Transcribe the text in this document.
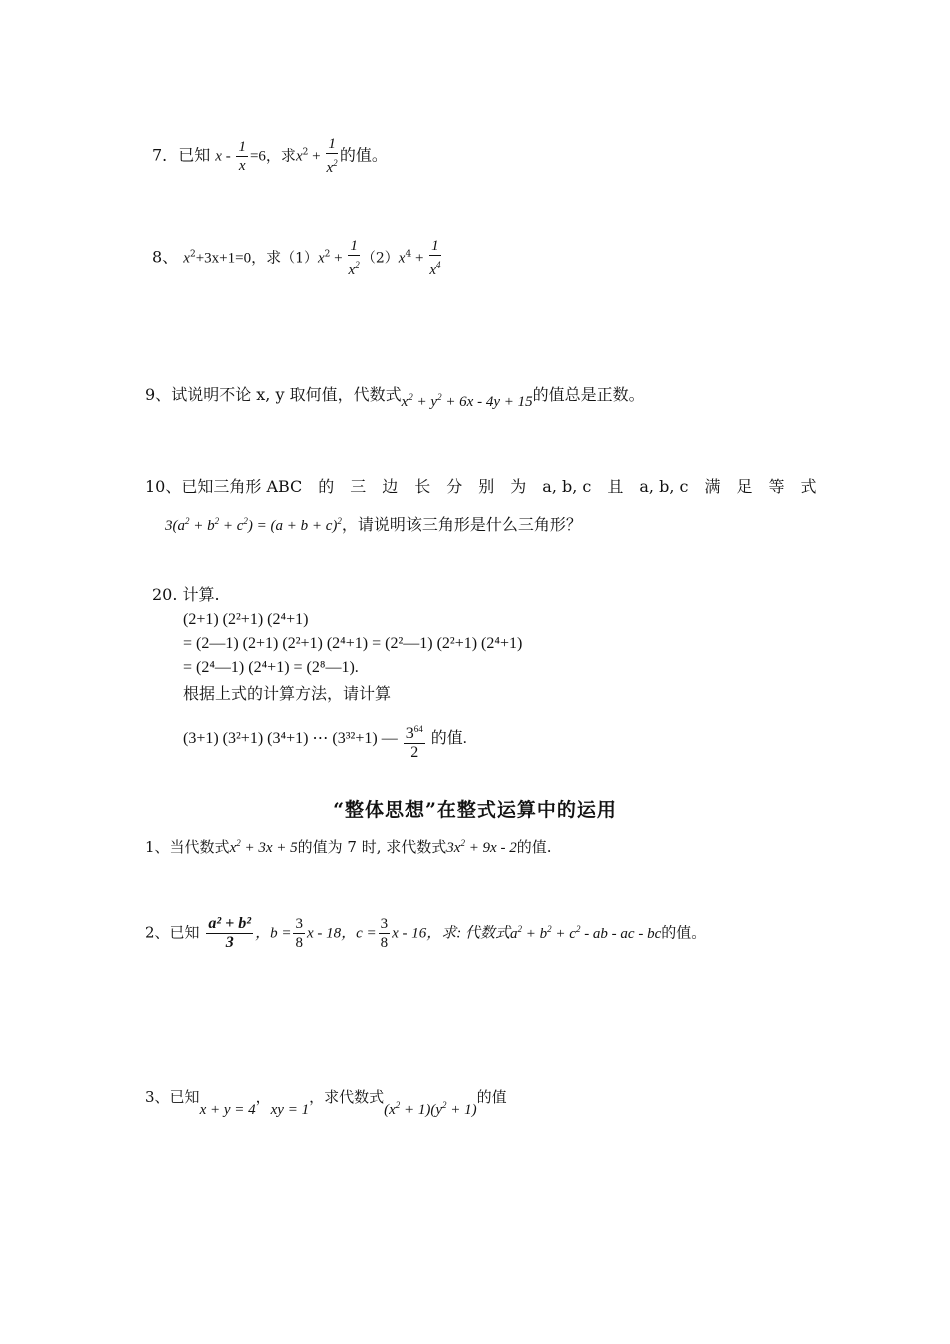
7．已知 $x - \frac{1}{x} =6$，求$x^2 + \frac{1}{x^2}$ 的值。
8、 $x^2+3x+1=0$，求$(1)x^2 + \frac{1}{x^2} (2)x^4 + \frac{1}{x^4}$
9、试说明不论 x, y 取何值，代数式$x^2 + y^2 + 6x - 4y + 15$的值总是正数。
10、已知三角形 ABC　的　三　边　长　分　别　为　a, b, c　且　a, b, c　满　足　等　式
$3(a^2 + b^2 + c^2) = (a + b + c)^2$，请说明该三角形是什么三角形？
20. 计算.
(2+1) (2²+1) (2⁴+1)
= (2—1) (2+1) (2²+1) (2⁴+1) = (2²—1) (2²+1) (2⁴+1)
= (2⁴—1) (2⁴+1) = (2⁸—1).
根据上式的计算方法，请计算
(3+1) (3²+1) (3⁴+1) ⋯ (3³²+1) — $\frac{3^{64}}{2}$ 的值.
“整体思想”在整式运算中的运用
1、当代数式$x^2 + 3x + 5$的值为 7 时, 求代数式$3x^2 + 9x - 2$的值.
2、已知 $\frac{\text{a² + b²}}{3}$ ，$b = \frac{3}{8}$ x - 18，$c = \frac{3}{8}$ x - 16，求: 代数式$a^2 + b^2 + c^2$ - ab - ac - bc的值。
3、已知x + y = 4，xy = 1，求代数式$(x^2 + 1)(y^2 + 1)$的值
